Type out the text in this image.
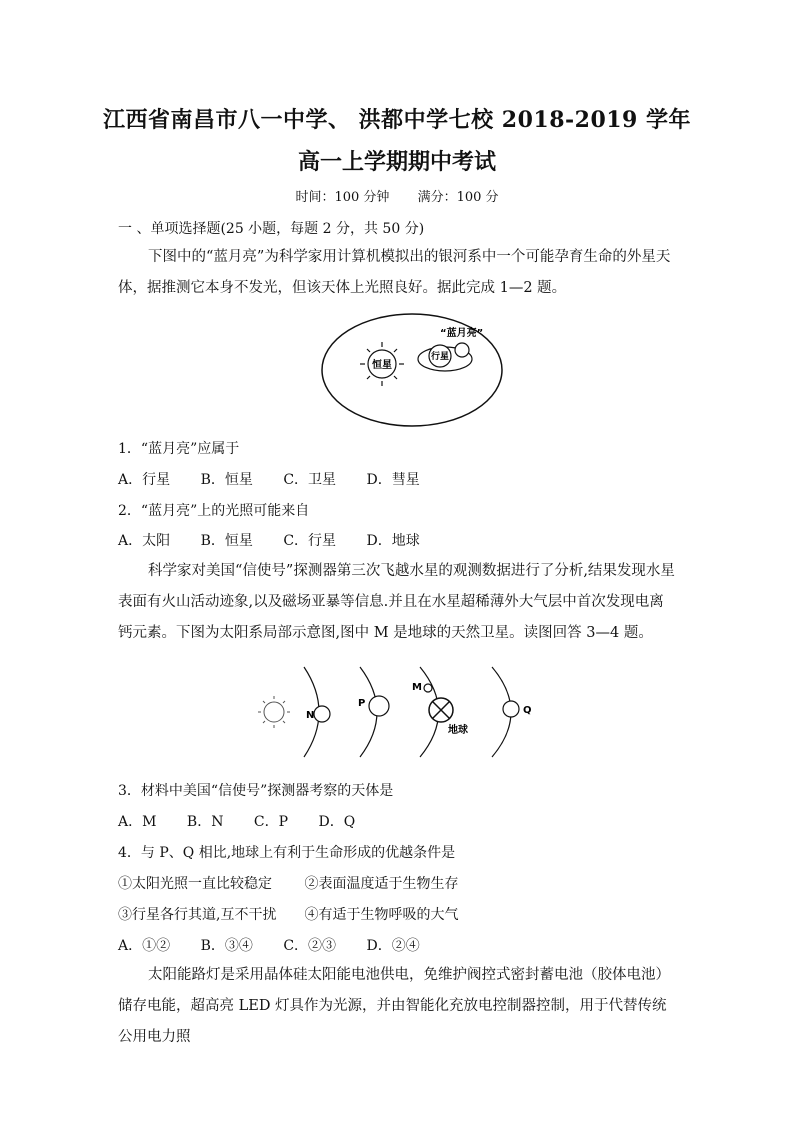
江西省南昌市八一中学、 洪都中学七校 2018-2019 学年
高一上学期期中考试
时间：100 分钟 满分：100 分
一 、单项选择题(25 小题，每题 2 分，共 50 分)

下图中的“蓝月亮”为科学家用计算机模拟出的银河系中一个可能孕育生命的外星天体，据推测它本身不发光，但该天体上光照良好。据此完成 1—2 题。

恒星
行星
“蓝月亮”
1．“蓝月亮”应属于
A．行星 B．恒星 C．卫星 D．彗星
2．“蓝月亮”上的光照可能来自
A．太阳 B．恒星 C．行星 D．地球

科学家对美国“信使号”探测器第三次飞越水星的观测数据进行了分析,结果发现水星表面有火山活动迹象,以及磁场亚暴等信息.并且在水星超稀薄外大气层中首次发现电离钙元素。下图为太阳系局部示意图,图中 M 是地球的天然卫星。读图回答 3—4 题。

N
P
M
地球
Q
3．材料中美国“信使号”探测器考察的天体是
A．M B．N C．P D．Q
4．与 P、Q 相比,地球上有利于生命形成的优越条件是
①太阳光照一直比较稳定 ②表面温度适于生物生存
③行星各行其道,互不干扰 ④有适于生物呼吸的大气
A．①② B．③④ C．②③ D．②④

太阳能路灯是采用晶体硅太阳能电池供电，免维护阀控式密封蓄电池（胶体电池）储存电能，超高亮 LED 灯具作为光源，并由智能化充放电控制器控制，用于代替传统公用电力照
